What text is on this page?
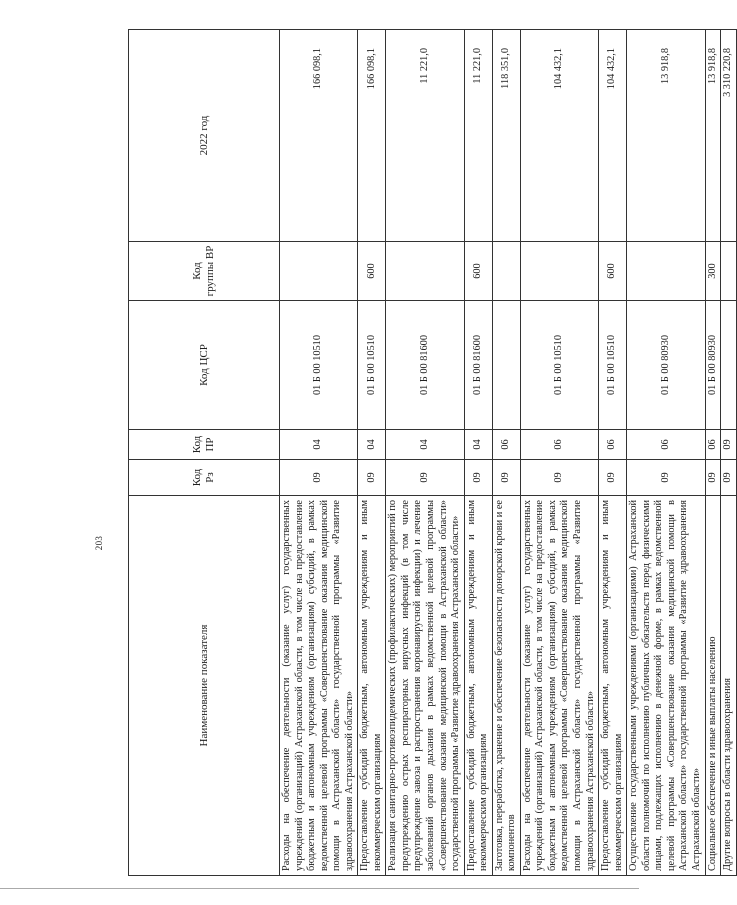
203
Наименование показателя	Код Рз	Код ПР	Код ЦСР	Код группы ВР	2022 год
Расходы на обеспечение деятельности (оказание услуг) государственных учреждений (организаций) Астраханской области, в том числе на предоставление бюджетным и автономным учреждениям (организациям) субсидий, в рамках ведомственной целевой программы «Совершенствование оказания медицинской помощи в Астраханской области» государственной программы «Развитие здравоохранения Астраханской области»	09	04	01 Б 00 10510		166 098,1
Предоставление субсидий бюджетным, автономным учреждениям и иным некоммерческим организациям	09	04	01 Б 00 10510	600	166 098,1
Реализация санитарно-противоэпидемических (профилактических) мероприятий по предупреждению острых респираторных вирусных инфекций (в том числе предупреждение завоза и распространения коронавирусной инфекции) и лечение заболеваний органов дыхания в рамках ведомственной целевой программы «Совершенствование оказания медицинской помощи в Астраханской области» государственной программы «Развитие здравоохранения Астраханской области»	09	04	01 Б 00 81600		11 221,0
Предоставление субсидий бюджетным, автономным учреждениям и иным некоммерческим организациям	09	04	01 Б 00 81600	600	11 221,0
Заготовка, переработка, хранение и обеспечение безопасности донорской крови и ее компонентов	09	06			118 351,0
Расходы на обеспечение деятельности (оказание услуг) государственных учреждений (организаций) Астраханской области, в том числе на предоставление бюджетным и автономным учреждениям (организациям) субсидий, в рамках ведомственной целевой программы «Совершенствование оказания медицинской помощи в Астраханской области» государственной программы «Развитие здравоохранения Астраханской области»	09	06	01 Б 00 10510		104 432,1
Предоставление субсидий бюджетным, автономным учреждениям и иным некоммерческим организациям	09	06	01 Б 00 10510	600	104 432,1
Осуществление государственными учреждениями (организациями) Астраханской области полномочий по исполнению публичных обязательств перед физическими лицами, подлежащих исполнению в денежной форме, в рамках ведомственной целевой программы «Совершенствование оказания медицинской помощи в Астраханской области» государственной программы «Развитие здравоохранения Астраханской области»	09	06	01 Б 00 80930		13 918,8
Социальное обеспечение и иные выплаты населению	09	06	01 Б 00 80930	300	13 918,8
Другие вопросы в области здравоохранения	09	09			3 310 220,8
